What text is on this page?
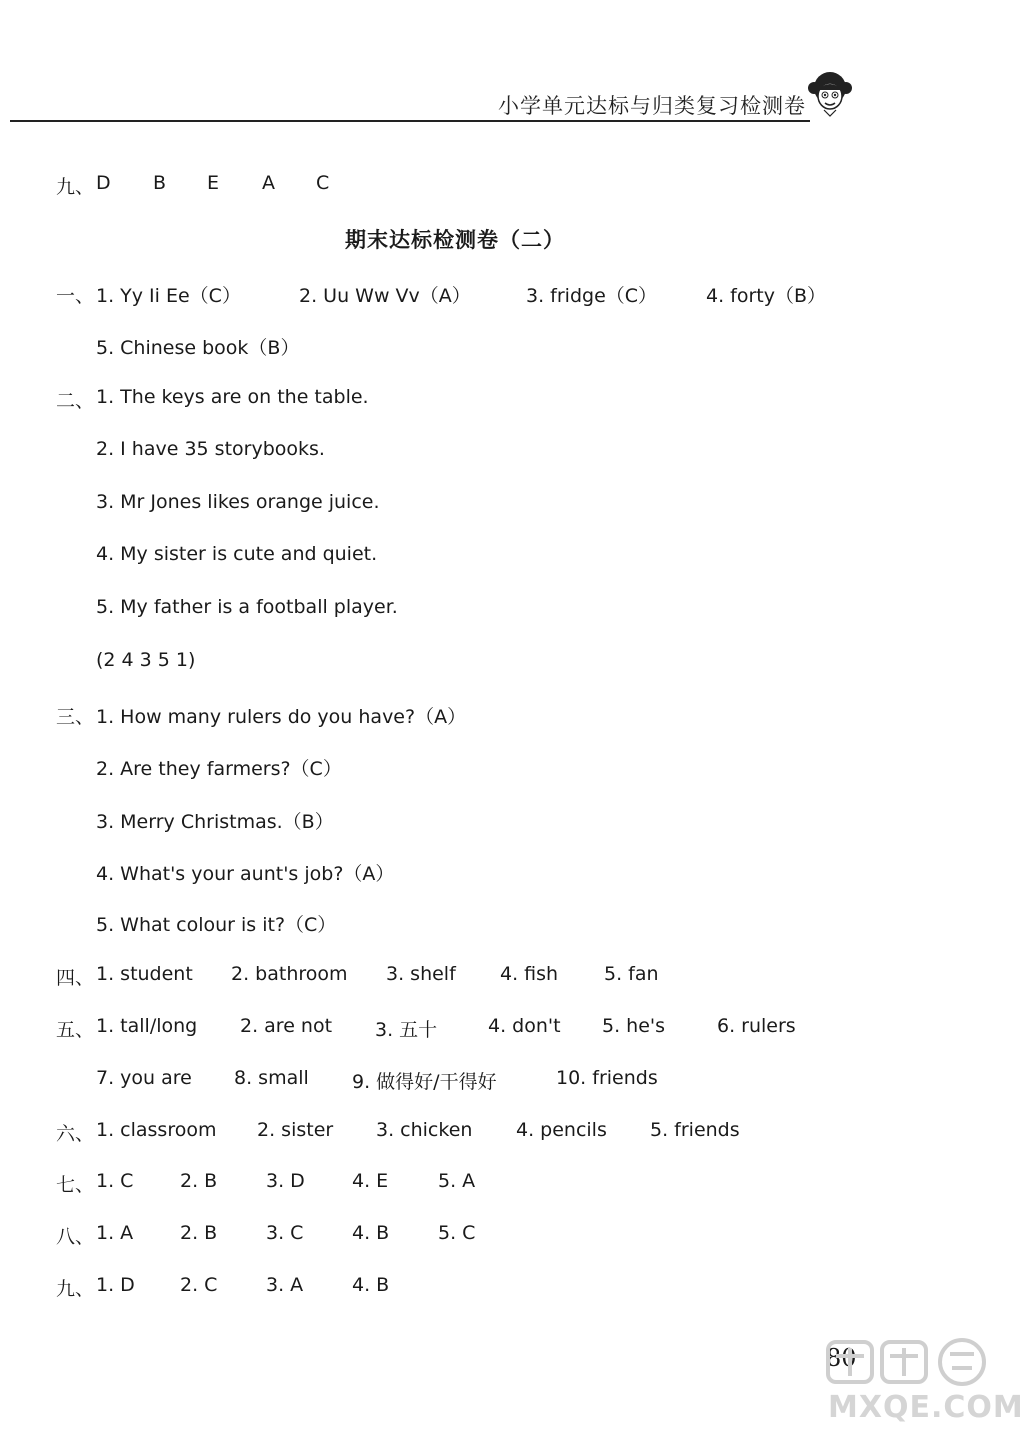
小学单元达标与归类复习检测卷
九、 D B E A C
期末达标检测卷（二）
一、 1. Yy Ii Ee（C）	2. Uu Ww Vv（A）	3. fridge（C）	4. forty（B）
5. Chinese book（B）
二、 1. The keys are on the table.
2. I have 35 storybooks.
3. Mr Jones likes orange juice.
4. My sister is cute and quiet.
5. My father is a football player.
(2 4 3 5 1)
三、 1. How many rulers do you have?（A）
2. Are they farmers?（C）
3. Merry Christmas.（B）
4. What's your aunt's job?（A）
5. What colour is it?（C）
四、 1. student 2. bathroom 3. shelf 4. fish 5. fan
五、 1. tall/long 2. are not 3. 五十	4. don't 5. he's	6. rulers
7. you are 8. small 9. 做得好/干得好	10. friends
六、 1. classroom 2. sister 3. chicken 4. pencils 5. friends
七、 1. C 2. B	3. D 4. E	5. A
八、 1. A 2. B	3. C	4. B	5. C
九、 1. D 2. C	3. A	4. B
80
MXQE.COM
